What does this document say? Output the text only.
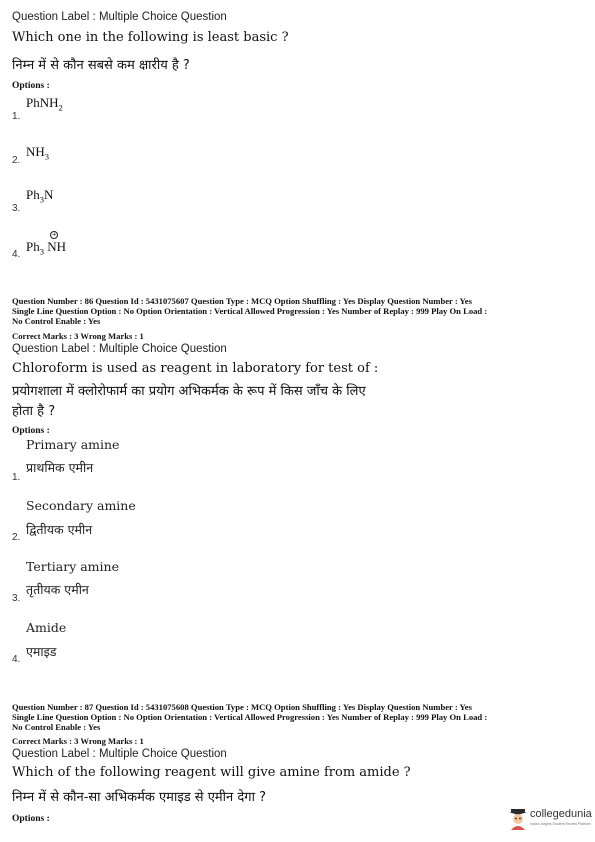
Question Label : Multiple Choice Question
Which one in the following is least basic ?
निम्न में से कौन सबसे कम क्षारीय है ?
Options :
PhNH$_2$
1.
$NH_3$
2.
$Ph_3N$
3.
$Ph_3$
+
NH
4.
Question Number : 86 Question Id : 5431075607 Question Type : MCQ Option Shuffling : Yes Display Question Number : Yes
Single Line Question Option : No Option Orientation : Vertical Allowed Progression : Yes Number of Replay : 999 Play On Load :
No Control Enable : Yes
Correct Marks : 3 Wrong Marks : 1
Question Label : Multiple Choice Question
Chloroform is used as reagent in laboratory for test of :
प्रयोगशाला में क्लोरोफार्म का प्रयोग अभिकर्मक के रूप में किस जाँच के लिए
होता है ?
Options :
Primary amine
प्राथमिक एमीन
1.
Secondary amine
द्वितीयक एमीन
2.
Tertiary amine
तृतीयक एमीन
3.
Amide
एमाइड
4.
Question Number : 87 Question Id : 5431075608 Question Type : MCQ Option Shuffling : Yes Display Question Number : Yes
Single Line Question Option : No Option Orientation : Vertical Allowed Progression : Yes Number of Replay : 999 Play On Load :
No Control Enable : Yes
Correct Marks : 3 Wrong Marks : 1
Question Label : Multiple Choice Question
Which of the following reagent will give amine from amide ?
निम्न में से कौन-सा अभिकर्मक एमाइड से एमीन देगा ?
Options :	collegedunia
India's largest Student Review Platform
